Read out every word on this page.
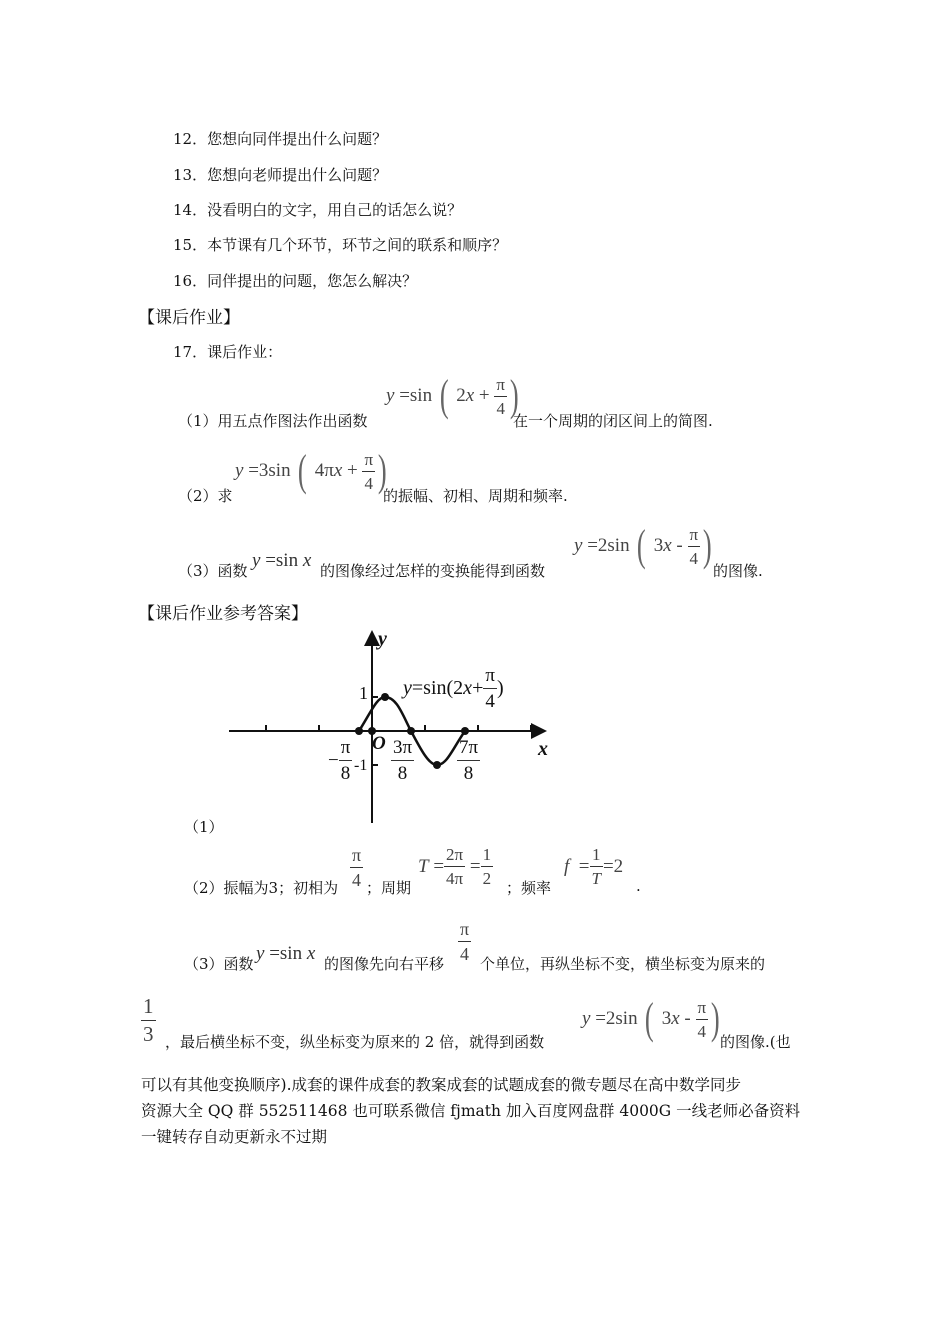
12．您想向同伴提出什么问题？
13．您想向老师提出什么问题？
14．没看明白的文字，用自己的话怎么说？
15．本节课有几个环节，环节之间的联系和顺序？
16．同伴提出的问题，您怎么解决？
【课后作业】
17．课后作业：
（1）用五点作图法作出函数
y =sin ( 2 $x + \frac{\pi}{4}$ )
在一个周期的闭区间上的简图.
（2）求
y =3sin ( 4π $x + \frac{\pi}{4}$ )
的振幅、初相、周期和频率.
（3）函数 y =sin x 的图像经过怎样的变换能得到函数
y =2sin ( 3 x - $\frac{\pi}{4}$ )
的图像.
【课后作业参考答案】
y
x
O
1
-1
y =sin(2 $x + \frac{\pi}{4}$ )
− $\frac{\pi}{8} \frac{3\pi}{8} \frac{7\pi}{8}$
（1）
（2）振幅为3；初相为 $\frac{\pi}{4}$ ；周期
$T = \frac{2\pi}{4\pi} = \frac{1}{2}$
；频率
$f = \frac{1}{T} =2$
.
（3）函数 y =sin x 的图像先向右平移
$\frac{\pi}{4}$
个单位，再纵坐标不变，横坐标变为原来的
$\frac{1}{3}$ ，最后横坐标不变，纵坐标变为原来的 2 倍，就得到函数
y =2sin ( 3 x - $\frac{\pi}{4}$ ) 的图像.(也
可以有其他变换顺序).成套的课件成套的教案成套的试题成套的微专题尽在高中数学同步
资源大全 QQ 群 552511468 也可联系微信 fjmath 加入百度网盘群 4000G 一线老师必备资料
一键转存自动更新永不过期
